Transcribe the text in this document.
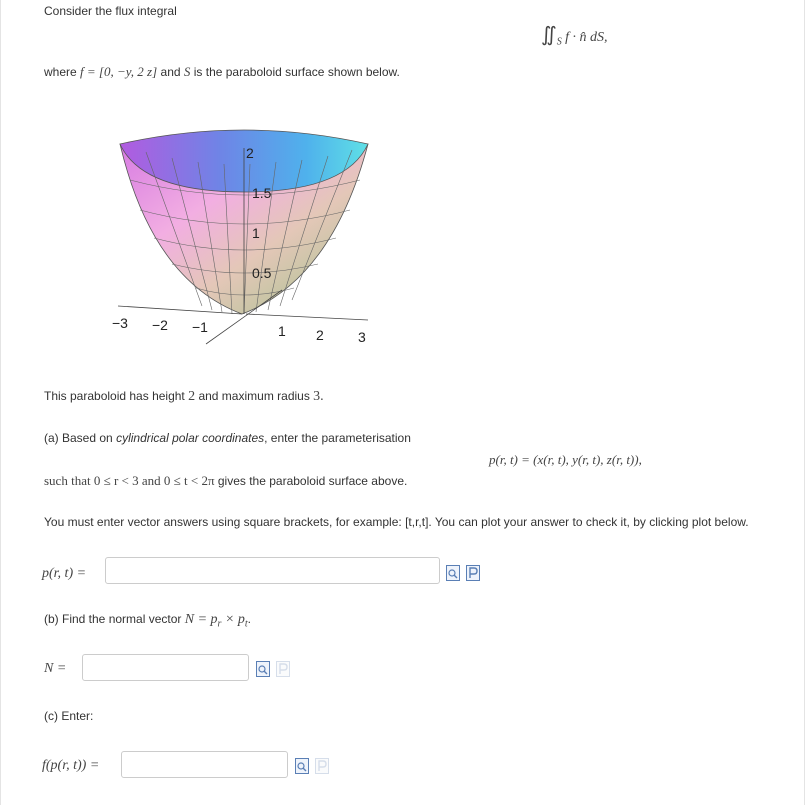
Consider the flux integral
$∬_S$ f · n̂ dS,
where f = [0, −y, 2 z] and S is the paraboloid surface shown below.
2
1.5
1
0.5
−3 −2 −1	1 2 3
This paraboloid has height 2 and maximum radius 3.
(a) Based on cylindrical polar coordinates, enter the parameterisation
p(r, t) = (x(r, t), y(r, t), z(r, t)),
such that 0 ≤ r < 3 and 0 ≤ t < 2π gives the paraboloid surface above.
You must enter vector answers using square brackets, for example: [t,r,t]. You can plot your answer to check it, by clicking plot below.
p(r, t) =
(b) Find the normal vector $N = p_r \times p_t$.
N =
(c) Enter:
f(p(r, t)) =
